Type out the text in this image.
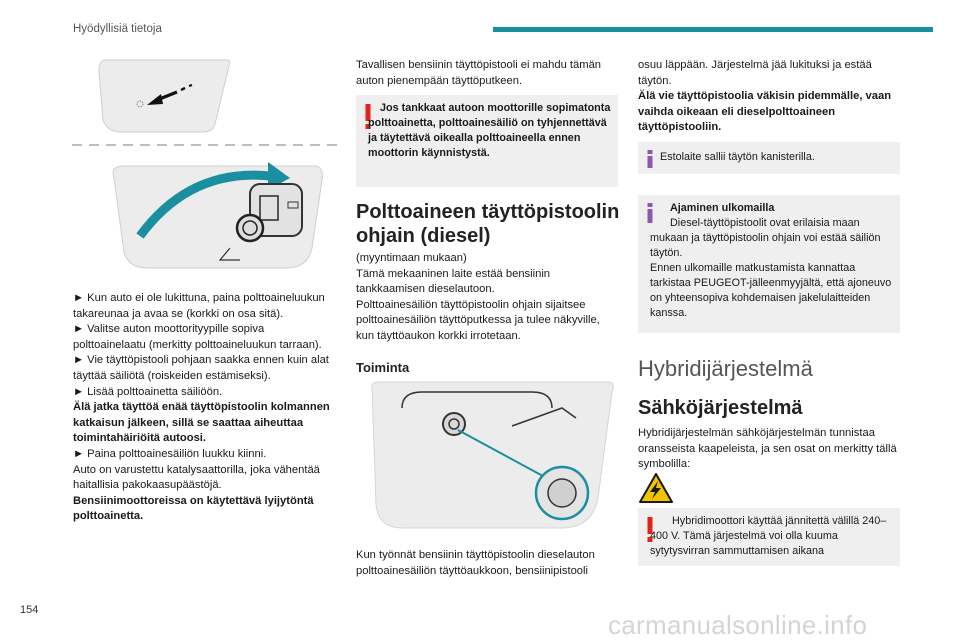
Hyödyllisiä tietoja

► Kun auto ei ole lukittuna, paina polttoaineluukun takareunaa ja avaa se (korkki on osa sitä).

► Valitse auton moottorityypille sopiva polttoainelaatu (merkitty polttoaineluukun tarraan).

► Vie täyttöpistooli pohjaan saakka ennen kuin alat täyttää säiliötä (roiskeiden estämiseksi).

► Lisää polttoainetta säiliöön.

Älä jatka täyttöä enää täyttöpistoolin kolmannen katkaisun jälkeen, sillä se saattaa aiheuttaa toimintahäiriöitä autoosi.

► Paina polttoainesäiliön luukku kiinni.

Auto on varustettu katalysaattorilla, joka vähentää haitallisia pakokaasupäästöjä.

Bensiinimoottoreissa on käytettävä lyijytöntä polttoainetta.

Tavallisen bensiinin täyttöpistooli ei mahdu tämän auton pienempään täyttöputkeen.
Jos tankkaat autoon moottorille sopimatonta polttoainetta, polttoainesäiliö on tyhjennettävä ja täytettävä oikealla polttoaineella ennen moottorin käynnistystä.
Polttoaineen täyttöpistoolin ohjain (diesel)

(myyntimaan mukaan)

Tämä mekaaninen laite estää bensiinin tankkaamisen dieselautoon.

Polttoainesäiliön täyttöpistoolin ohjain sijaitsee polttoainesäiliön täyttöputkessa ja tulee näkyville, kun täyttöaukon korkki irrotetaan.

Toiminta
Kun työnnät bensiinin täyttöpistoolin dieselauton polttoainesäiliön täyttöaukkoon, bensiinipistooli

osuu läppään. Järjestelmä jää lukituksi ja estää täytön.

Älä vie täyttöpistoolia väkisin pidemmälle, vaan vaihda oikeaan eli dieselpolttoaineen täyttöpistooliin.

Estolaite sallii täytön kanisterilla.

Ajaminen ulkomailla

Diesel-täyttöpistoolit ovat erilaisia maan mukaan ja täyttöpistoolin ohjain voi estää säiliön täytön.

Ennen ulkomaille matkustamista kannattaa tarkistaa PEUGEOT-jälleenmyyjältä, että ajoneuvo on yhteensopiva kohdemaisen jakelulaitteiden kanssa.

Hybridijärjestelmä
Sähköjärjestelmä
Hybridijärjestelmän sähköjärjestelmän tunnistaa oransseista kaapeleista, ja sen osat on merkitty tällä symbolilla:
Hybridimoottori käyttää jännitettä välillä 240–400 V. Tämä järjestelmä voi olla kuuma sytytysvirran sammuttamisen aikana
154	carmanualsonline.info
